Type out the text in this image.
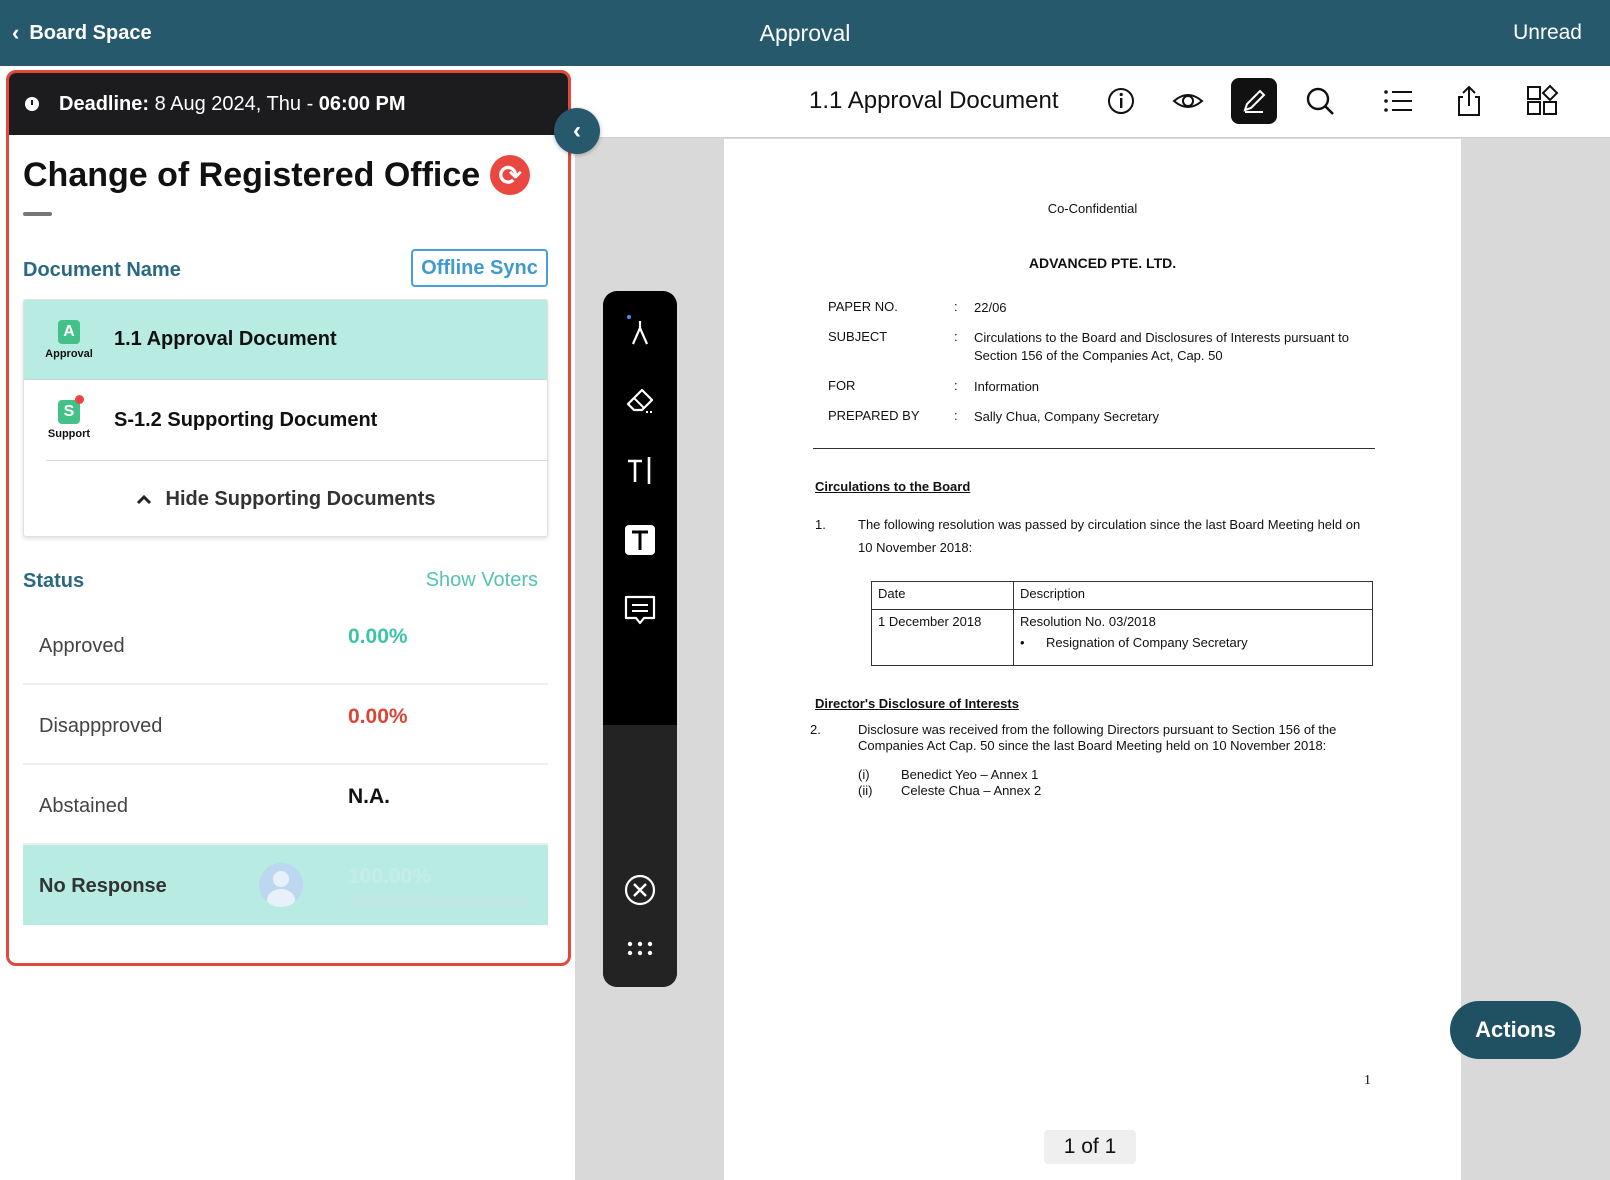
‹ Board Space	Approval	Unread
Deadline: 8 Aug 2024, Thu - 06:00 PM
Change of Registered Office ⟳
Document Name	Offline Sync
A
Approval
1.1 Approval Document
S
Support
S-1.2 Supporting Document
Hide Supporting Documents
Status	Show Voters
Approved	0.00%
Disappproved	0.00%
Abstained	N.A.
No Response	100.00%
‹
1.1 Approval Document
Co-Confidential
ADVANCED PTE. LTD.
PAPER NO.	: 22/06
SUBJECT	: Circulations to the Board and Disclosures of Interests pursuant to Section 156 of the Companies Act, Cap. 50
FOR	: Information
PREPARED BY	: Sally Chua, Company Secretary
Circulations to the Board
1. The following resolution was passed by circulation since the last Board Meeting held on 10 November 2018:
Date	Description
1 December 2018	Resolution No. 03/2018
• Resignation of Company Secretary
Director's Disclosure of Interests
2.	Disclosure was received from the following Directors pursuant to Section 156 of the Companies Act Cap. 50 since the last Board Meeting held on 10 November 2018:
(i) Benedict Yeo – Annex 1
(ii) Celeste Chua – Annex 2
1
1 of 1
Actions
